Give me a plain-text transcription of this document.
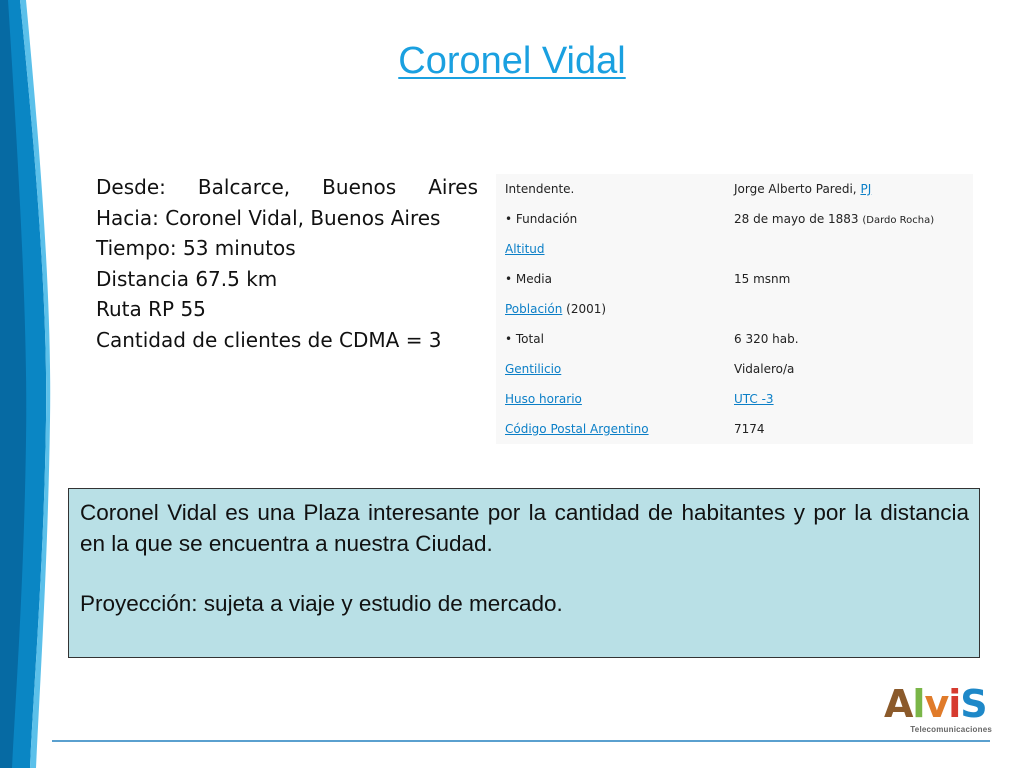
Coronel Vidal
Desde: Balcarce, Buenos Aires
Hacia: Coronel Vidal, Buenos Aires
Tiempo: 53 minutos
Distancia 67.5 km
Ruta RP 55
Cantidad de clientes de CDMA = 3
Intendente.	Jorge Alberto Paredi, PJ
• Fundación	28 de mayo de 1883 (Dardo Rocha)
Altitud
• Media	15 msnm
Población (2001)
• Total	6 320 hab.
Gentilicio	Vidalero/a
Huso horario	UTC -3
Código Postal Argentino	7174

Coronel Vidal es una Plaza interesante por la cantidad de habitantes y por la distancia en la que se encuentra a nuestra Ciudad.

Proyección: sujeta a viaje y estudio de mercado.

AlviS
Telecomunicaciones
